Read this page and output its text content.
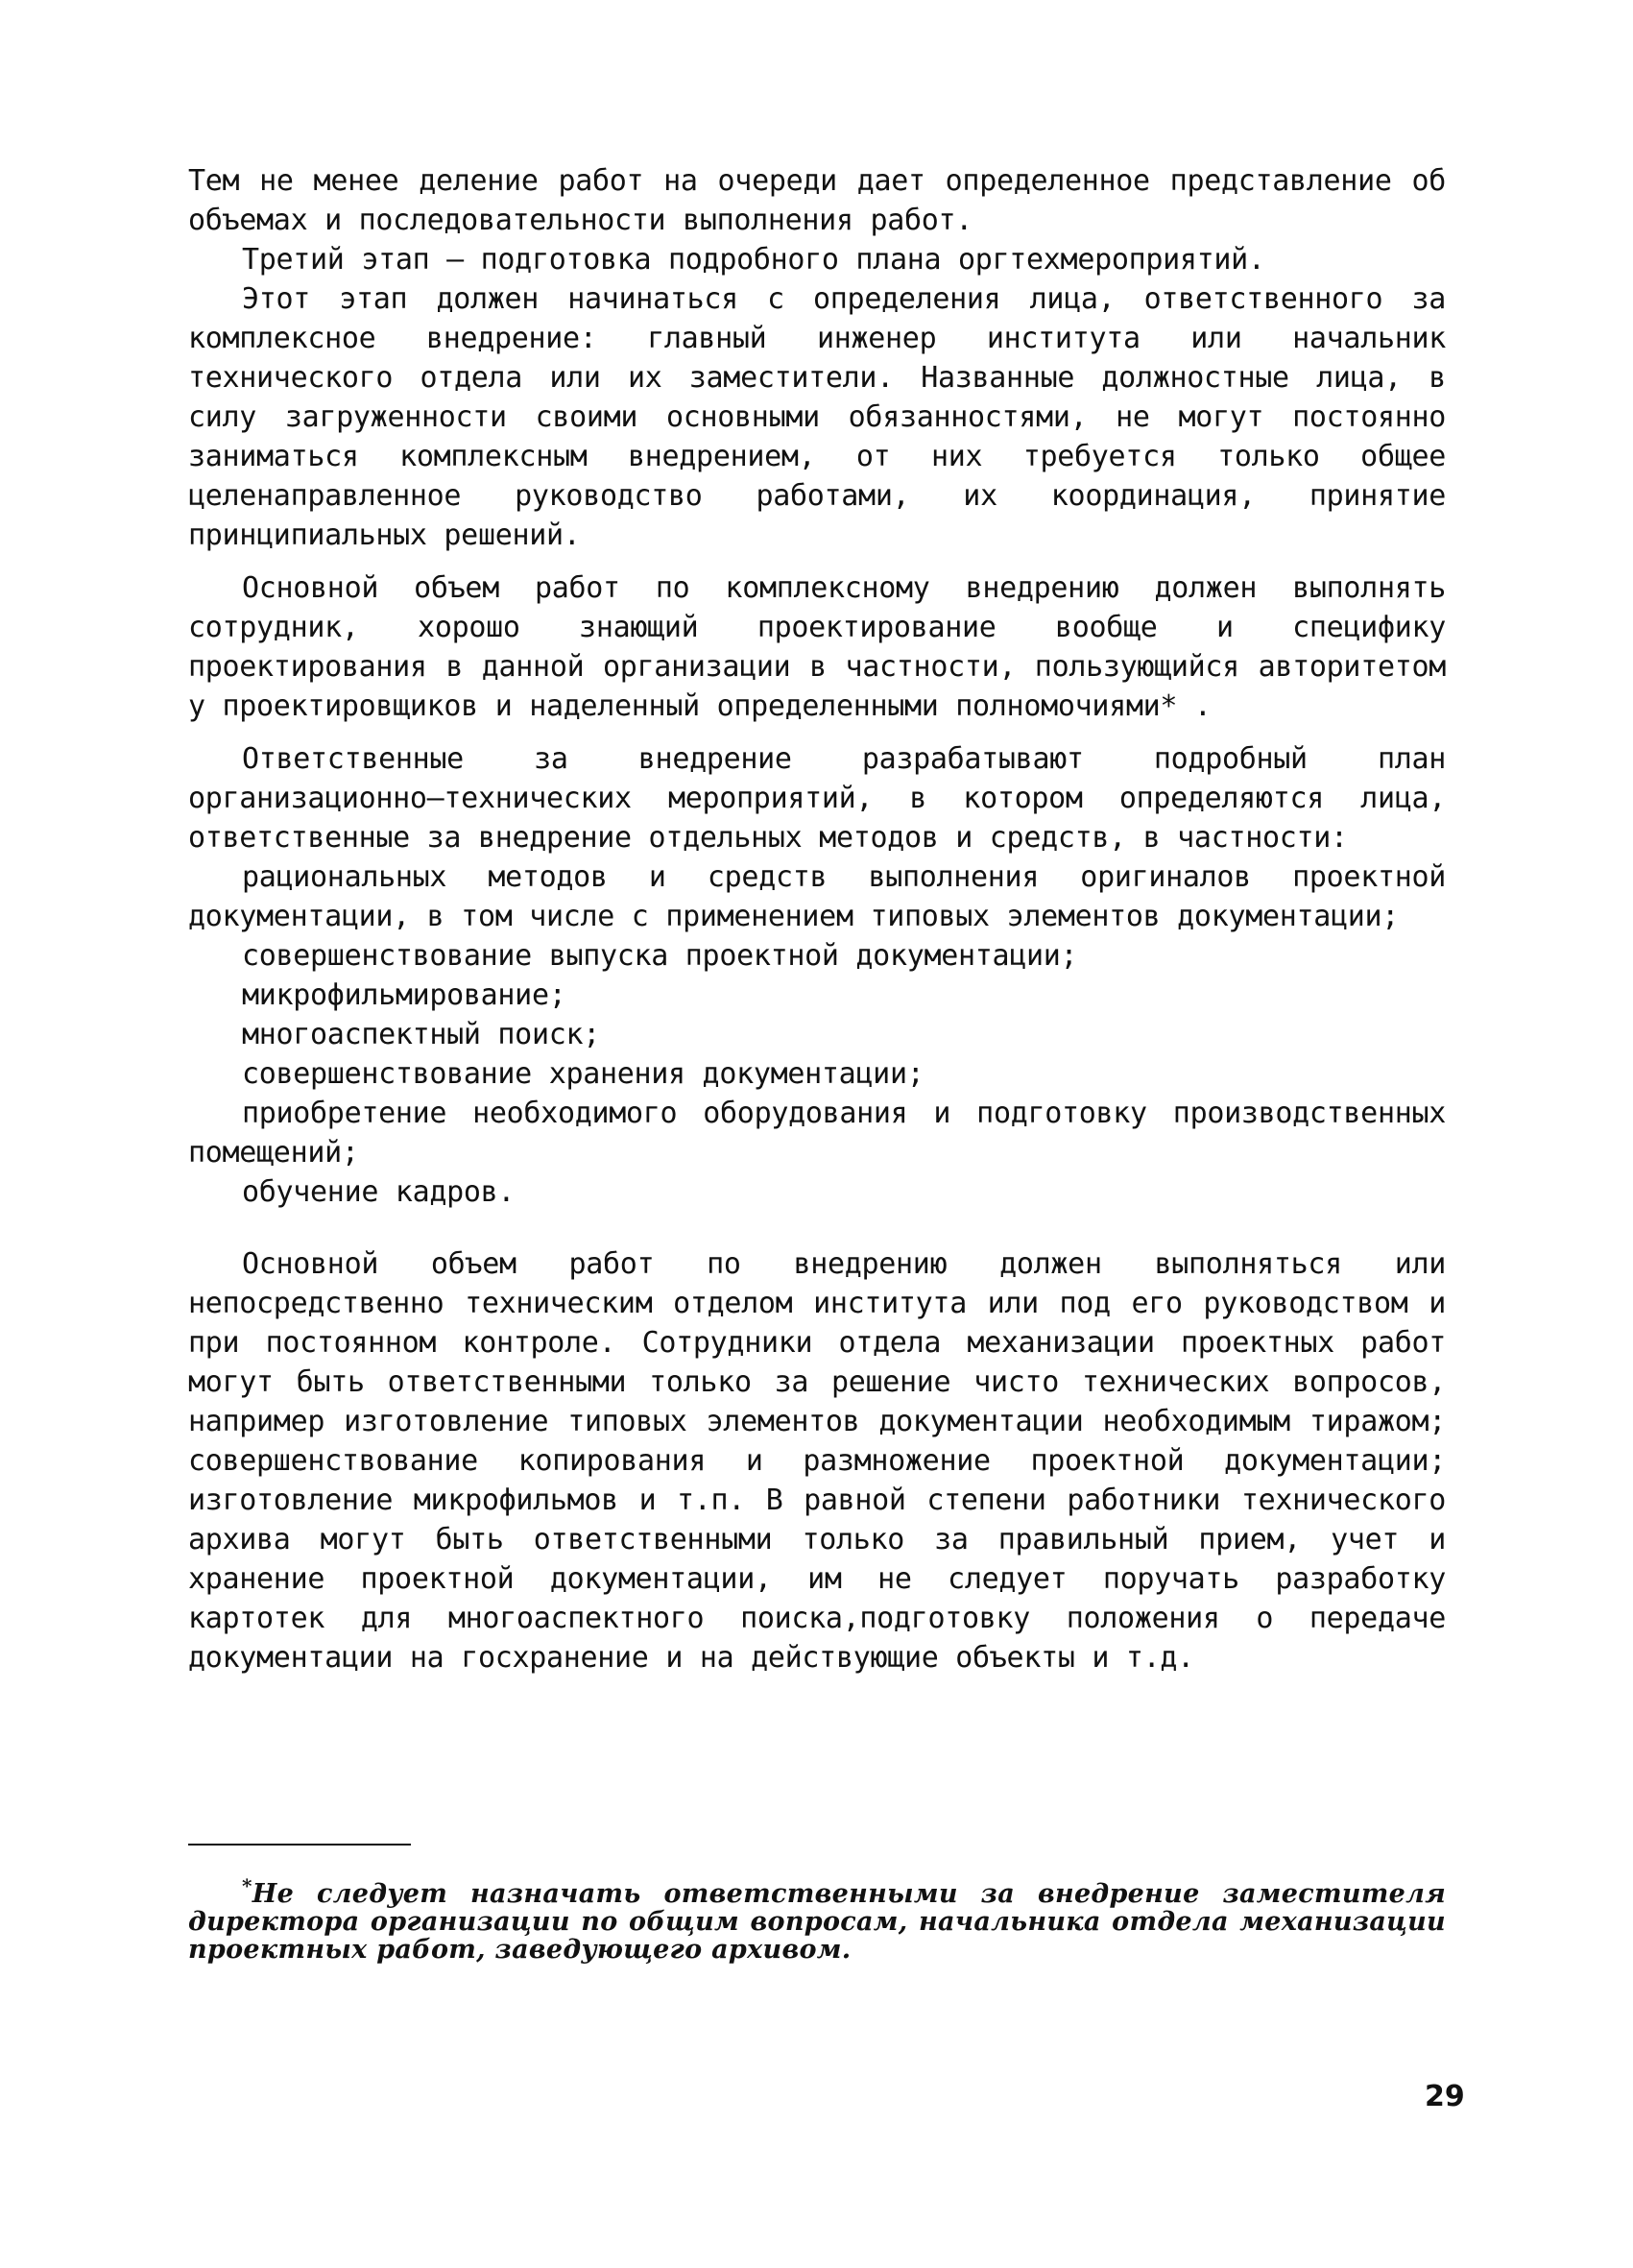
Тем не менее деление работ на очереди дает определенное представление об объемах и последовательности выполнения работ.

Третий этап – подготовка подробного плана оргтехмероприятий.

Этот этап должен начинаться с определения лица, ответственного за комплексное внедрение: главный инженер института или начальник технического отдела или их заместители. Названные должностные лица, в силу загруженности своими основными обязанностями, не могут постоянно заниматься комплексным внедрением, от них требуется только общее целенаправленное руководство работами, их координация, принятие принципиальных решений.

Основной объем работ по комплексному внедрению должен выполнять сотрудник, хорошо знающий проектирование вообще и специфику проектирования в данной организации в частности, пользующийся авторитетом у проектировщиков и наделенный определенными полномочиями* .

Ответственные за внедрение разрабатывают подробный план организационно–технических мероприятий, в котором определяются лица, ответственные за внедрение отдельных методов и средств, в частности:

рациональных методов и средств выполнения оригиналов проектной документации, в том числе с применением типовых элементов документации;

совершенствование выпуска проектной документации;

микрофильмирование;

многоаспектный поиск;

совершенствование хранения документации;

приобретение необходимого оборудования и подготовку производственных помещений;

обучение кадров.

Основной объем работ по внедрению должен выполняться или непосредственно техническим отделом института или под его руководством и при постоянном контроле. Сотрудники отдела механизации проектных работ могут быть ответственными только за решение чисто технических вопросов, например изготовление типовых элементов документации необходимым тиражом; совершенствование копирования и размножение проектной документации; изготовление микрофильмов и т.п. В равной степени работники технического архива могут быть ответственными только за правильный прием, учет и хранение проектной документации, им не следует поручать разработку картотек для многоаспектного поиска,подготовку положения о передаче документации на госхранение и на действующие объекты и т.д.

*Не следует назначать ответственными за внедрение заместителя директора организации по общим вопросам, начальника отдела механизации проектных работ, заведующего архивом.
29
